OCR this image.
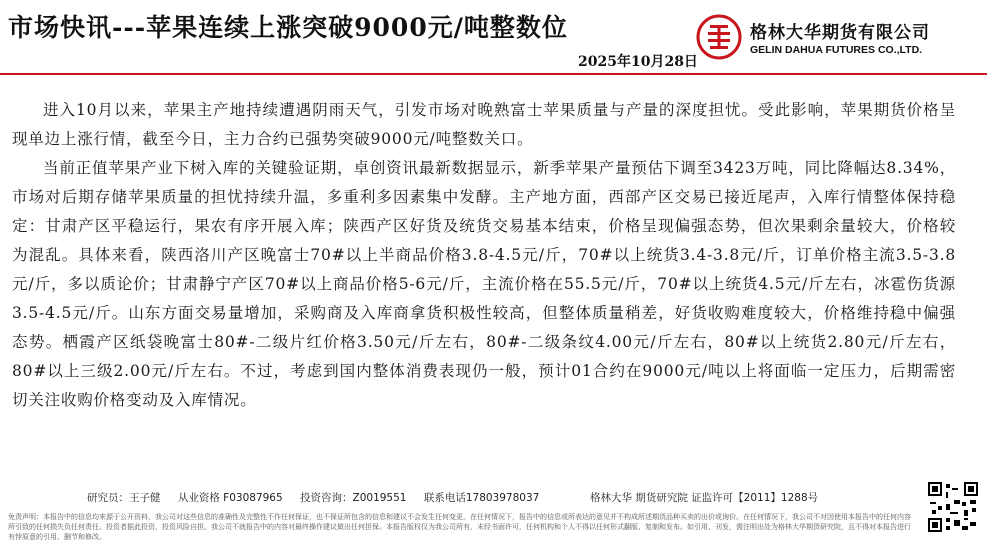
市场快讯---苹果连续上涨突破9000元/吨整数位
2025年10月28日
格林大华期货有限公司
GELIN DAHUA FUTURES CO.,LTD.

进入10月以来，苹果主产地持续遭遇阴雨天气，引发市场对晚熟富士苹果质量与产量的深度担忧。受此影响，苹果期货价格呈现单边上涨行情，截至今日，主力合约已强势突破9000元/吨整数关口。

当前正值苹果产业下树入库的关键验证期，卓创资讯最新数据显示，新季苹果产量预估下调至3423万吨，同比降幅达8.34%，市场对后期存储苹果质量的担忧持续升温，多重利多因素集中发酵。主产地方面，西部产区交易已接近尾声，入库行情整体保持稳定：甘肃产区平稳运行，果农有序开展入库；陕西产区好货及统货交易基本结束，价格呈现偏强态势，但次果剩余量较大，价格较为混乱。具体来看，陕西洛川产区晚富士70#以上半商品价格3.8-4.5元/斤，70#以上统货3.4-3.8元/斤，订单价格主流3.5-3.8元/斤，多以质论价；甘肃静宁产区70#以上商品价格5-6元/斤，主流价格在55.5元/斤，70#以上统货4.5元/斤左右，冰雹伤货源3.5-4.5元/斤。山东方面交易量增加，采购商及入库商拿货积极性较高，但整体质量稍差，好货收购难度较大，价格维持稳中偏强态势。栖霞产区纸袋晚富士80#-二级片红价格3.50元/斤左右，80#-二级条纹4.00元/斤左右，80#以上统货2.80元/斤左右，80#以上三级2.00元/斤左右。不过，考虑到国内整体消费表现仍一般，预计01合约在9000元/吨以上将面临一定压力，后期需密切关注收购价格变动及入库情况。

研究员：王子健 从业资格 F03087965 投资咨询：Z0019551 联系电话17803978037	格林大华 期货研究院 证监许可【2011】1288号
免责声明：本报告中的信息均来源于公开资料，我公司对这些信息的准确性及完整性不作任何保证，也不保证所包含的信息和建议不会发生任何变更。在任何情况下，报告中的信息或所表达的意见并不构成所述期货品种买卖的出价或询价。在任何情况下，我公司不对因使用本报告中的任何内容所引致的任何损失负任何责任。投资者据此投资，投资风险自担。我公司不就报告中的内容对最终操作建议做出任何担保。本报告版权仅为我公司所有，未经书面许可，任何机构和个人不得以任何形式翻版、复制和发布。如引用、刊发，需注明出处为格林大华期货研究院，且不得对本报告进行有悖原意的引用、删节和修改。
